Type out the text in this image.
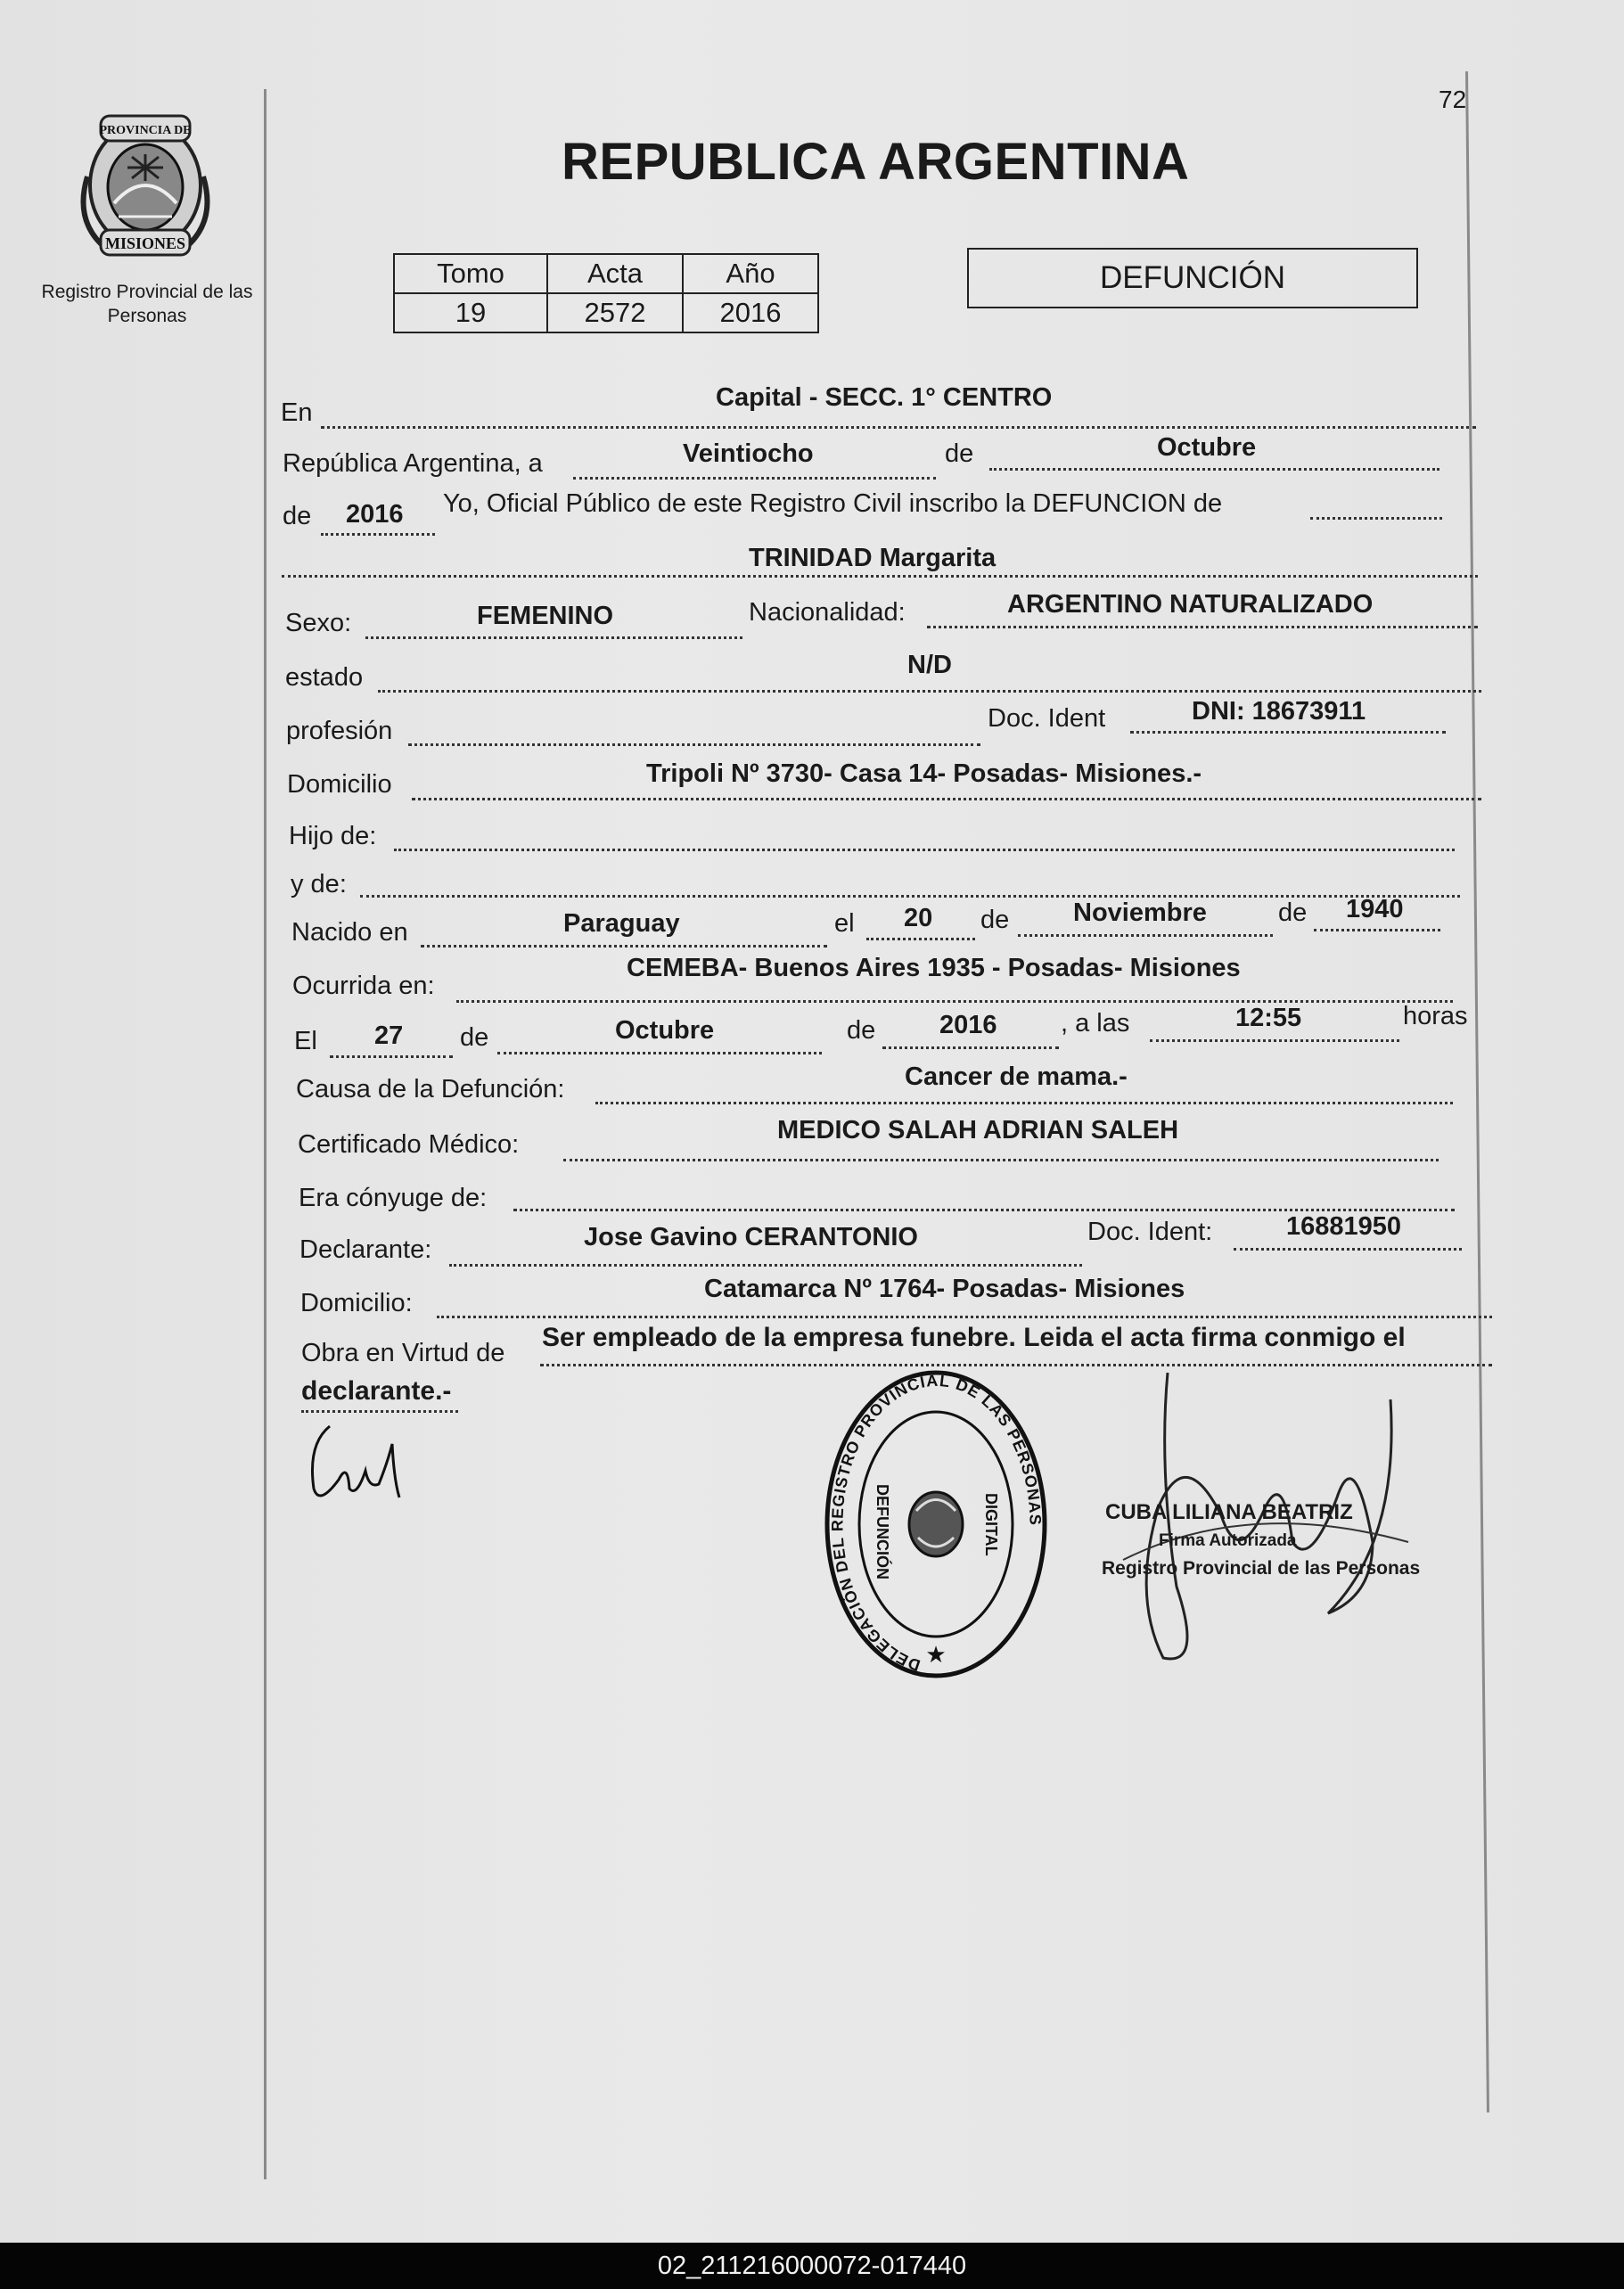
72
PROVINCIA DE
MISIONES
Registro Provincial de las Personas
REPUBLICA ARGENTINA
Tomo	Acta	Año
19	2572	2016
DEFUNCIÓN
En
Capital - SECC. 1° CENTRO
República Argentina, a	Veintiocho	de	Octubre
de 2016 Yo, Oficial Público de este Registro Civil inscribo la DEFUNCION de
TRINIDAD Margarita
Sexo:	FEMENINO	Nacionalidad:	ARGENTINO NATURALIZADO
estado	N/D
profesión	Doc. Ident	DNI: 18673911
Domicilio	Tripoli Nº 3730- Casa 14- Posadas- Misiones.-
Hijo de:
y de:
Nacido en	Paraguay	el 20 de Noviembre	de 1940
Ocurrida en:
CEMEBA- Buenos Aires 1935 - Posadas- Misiones
El 27 de	Octubre	de 2016 , a las	12:55	horas
Causa de la Defunción:	Cancer de mama.-
Certificado Médico:	MEDICO SALAH ADRIAN SALEH
Era cónyuge de:
Declarante:	Jose Gavino CERANTONIO	Doc. Ident:	16881950
Domicilio:	Catamarca Nº 1764- Posadas- Misiones
Obra en Virtud de
Ser empleado de la empresa funebre. Leida el acta firma conmigo el
declarante.-
DELEGACIÓN DEL REGISTRO PROVINCIAL DE LAS PERSONAS
DEFUNCIÓN	DIGITAL
★
CUBA LILIANA BEATRIZ
Firma Autorizada
Registro Provincial de las Personas
02_211216000072-017440
